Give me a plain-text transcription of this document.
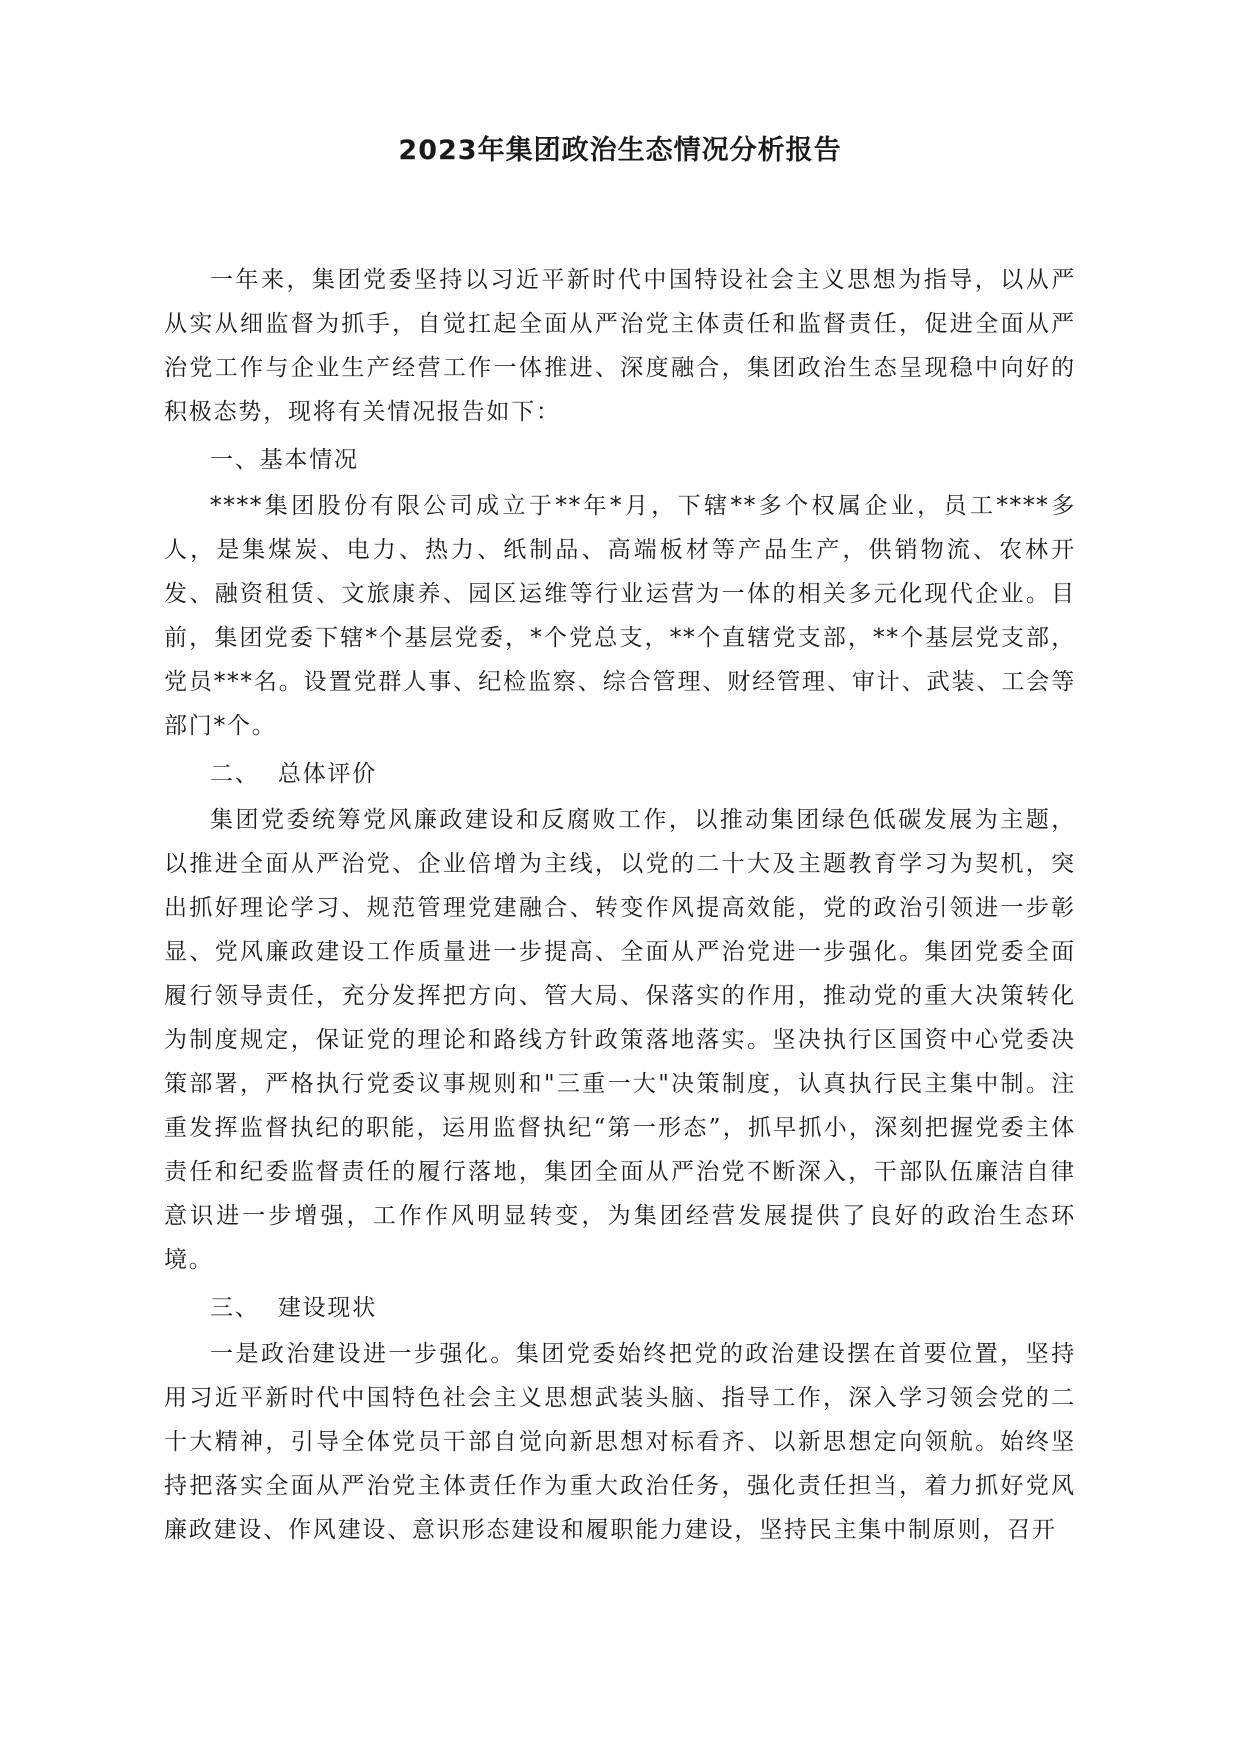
2023年集团政治生态情况分析报告

一年来，集团党委坚持以习近平新时代中国特设社会主义思想为指导，以从严从实从细监督为抓手，自觉扛起全面从严治党主体责任和监督责任，促进全面从严治党工作与企业生产经营工作一体推进、深度融合，集团政治生态呈现稳中向好的积极态势，现将有关情况报告如下：

一、基本情况

****集团股份有限公司成立于**年*月，下辖**多个权属企业，员工****多人，是集煤炭、电力、热力、纸制品、高端板材等产品生产，供销物流、农林开发、融资租赁、文旅康养、园区运维等行业运营为一体的相关多元化现代企业。目前，集团党委下辖*个基层党委，*个党总支，**个直辖党支部，**个基层党支部，党员***名。设置党群人事、纪检监察、综合管理、财经管理、审计、武装、工会等部门*个。

二、  总体评价

集团党委统筹党风廉政建设和反腐败工作，以推动集团绿色低碳发展为主题，以推进全面从严治党、企业倍增为主线，以党的二十大及主题教育学习为契机，突出抓好理论学习、规范管理党建融合、转变作风提高效能，党的政治引领进一步彰显、党风廉政建设工作质量进一步提高、全面从严治党进一步强化。集团党委全面履行领导责任，充分发挥把方向、管大局、保落实的作用，推动党的重大决策转化为制度规定，保证党的理论和路线方针政策落地落实。坚决执行区国资中心党委决策部署，严格执行党委议事规则和"三重一大"决策制度，认真执行民主集中制。注重发挥监督执纪的职能，运用监督执纪“第一形态”，抓早抓小，深刻把握党委主体责任和纪委监督责任的履行落地，集团全面从严治党不断深入，干部队伍廉洁自律意识进一步增强，工作作风明显转变，为集团经营发展提供了良好的政治生态环境。

三、  建设现状

一是政治建设进一步强化。集团党委始终把党的政治建设摆在首要位置，坚持用习近平新时代中国特色社会主义思想武装头脑、指导工作，深入学习领会党的二十大精神，引导全体党员干部自觉向新思想对标看齐、以新思想定向领航。始终坚持把落实全面从严治党主体责任作为重大政治任务，强化责任担当，着力抓好党风廉政建设、作风建设、意识形态建设和履职能力建设，坚持民主集中制原则，召开
